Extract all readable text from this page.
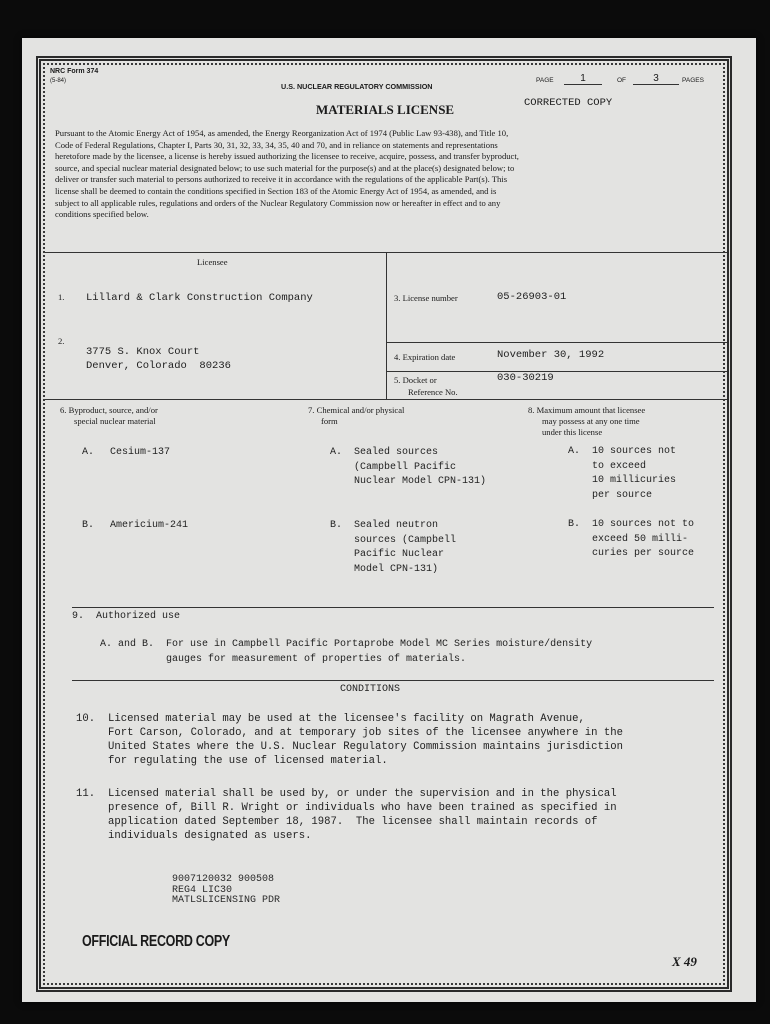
NRC Form 374
(5-84)
U.S. NUCLEAR REGULATORY COMMISSION
PAGE	1	OF	3	PAGES
MATERIALS LICENSE	CORRECTED COPY
Pursuant to the Atomic Energy Act of 1954, as amended, the Energy Reorganization Act of 1974 (Public Law 93-438), and Title 10,
Code of Federal Regulations, Chapter I, Parts 30, 31, 32, 33, 34, 35, 40 and 70, and in reliance on statements and representations
heretofore made by the licensee, a license is hereby issued authorizing the licensee to receive, acquire, possess, and transfer byproduct,
source, and special nuclear material designated below; to use such material for the purpose(s) and at the place(s) designated below; to
deliver or transfer such material to persons authorized to receive it in accordance with the regulations of the applicable Part(s). This
license shall be deemed to contain the conditions specified in Section 183 of the Atomic Energy Act of 1954, as amended, and is
subject to all applicable rules, regulations and orders of the Nuclear Regulatory Commission now or hereafter in effect and to any
conditions specified below.
Licensee
1. Lillard & Clark Construction Company
2.
3775 S. Knox Court
Denver, Colorado  80236
3. License number	05-26903-01
4. Expiration date	November 30, 1992
5. Docket or
Reference No.
030-30219
6. Byproduct, source, and/or
special nuclear material
7. Chemical and/or physical
form
8. Maximum amount that licensee
may possess at any one time
under this license
A. Cesium-137	A.  Sealed sources
(Campbell Pacific
Nuclear Model CPN-131)
A.  10 sources not
to exceed
10 millicuries
per source
B. Americium-241	B.  Sealed neutron
sources (Campbell
Pacific Nuclear
Model CPN-131)
B.  10 sources not to
exceed 50 milli-
curies per source
9.  Authorized use
A. and B.  For use in Campbell Pacific Portaprobe Model MC Series moisture/density
gauges for measurement of properties of materials.
CONDITIONS
10. Licensed material may be used at the licensee's facility on Magrath Avenue,
Fort Carson, Colorado, and at temporary job sites of the licensee anywhere in the
United States where the U.S. Nuclear Regulatory Commission maintains jurisdiction
for regulating the use of licensed material.
11. Licensed material shall be used by, or under the supervision and in the physical
presence of, Bill R. Wright or individuals who have been trained as specified in
application dated September 18, 1987.  The licensee shall maintain records of
individuals designated as users.
9007120032 900508
REG4 LIC30
MATLSLICENSING PDR
OFFICIAL RECORD COPY
X 49
